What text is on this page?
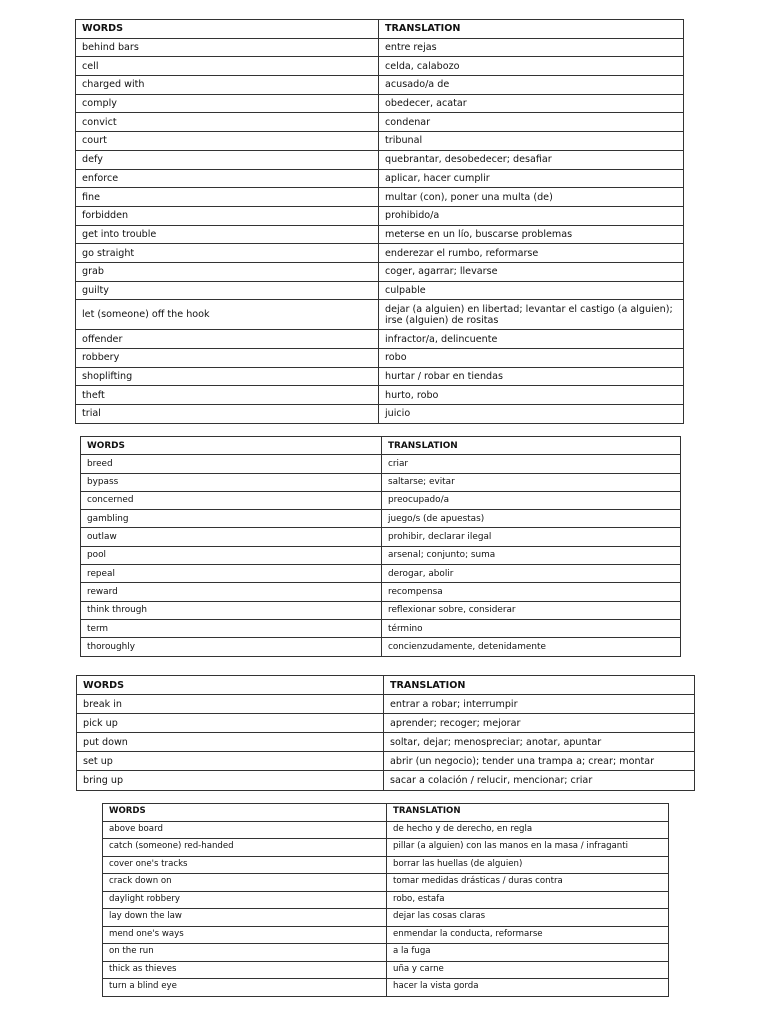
WORDS	TRANSLATION
behind bars	entre rejas
cell	celda, calabozo
charged with	acusado/a de
comply	obedecer, acatar
convict	condenar
court	tribunal
defy	quebrantar, desobedecer; desafiar
enforce	aplicar, hacer cumplir
fine	multar (con), poner una multa (de)
forbidden	prohibido/a
get into trouble	meterse en un lío, buscarse problemas
go straight	enderezar el rumbo, reformarse
grab	coger, agarrar; llevarse
guilty	culpable
let (someone) off the hook	dejar (a alguien) en libertad; levantar el castigo (a alguien); irse (alguien) de rositas
offender	infractor/a, delincuente
robbery	robo
shoplifting	hurtar / robar en tiendas
theft	hurto, robo
trial	juicio
WORDS	TRANSLATION
breed	criar
bypass	saltarse; evitar
concerned	preocupado/a
gambling	juego/s (de apuestas)
outlaw	prohibir, declarar ilegal
pool	arsenal; conjunto; suma
repeal	derogar, abolir
reward	recompensa
think through	reflexionar sobre, considerar
term	término
thoroughly	concienzudamente, detenidamente
WORDS	TRANSLATION
break in	entrar a robar; interrumpir
pick up	aprender; recoger; mejorar
put down	soltar, dejar; menospreciar; anotar, apuntar
set up	abrir (un negocio); tender una trampa a; crear; montar
bring up	sacar a colación / relucir, mencionar; criar
WORDS	TRANSLATION
above board	de hecho y de derecho, en regla
catch (someone) red-handed	pillar (a alguien) con las manos en la masa / infraganti
cover one's tracks	borrar las huellas (de alguien)
crack down on	tomar medidas drásticas / duras contra
daylight robbery	robo, estafa
lay down the law	dejar las cosas claras
mend one's ways	enmendar la conducta, reformarse
on the run	a la fuga
thick as thieves	uña y carne
turn a blind eye	hacer la vista gorda
